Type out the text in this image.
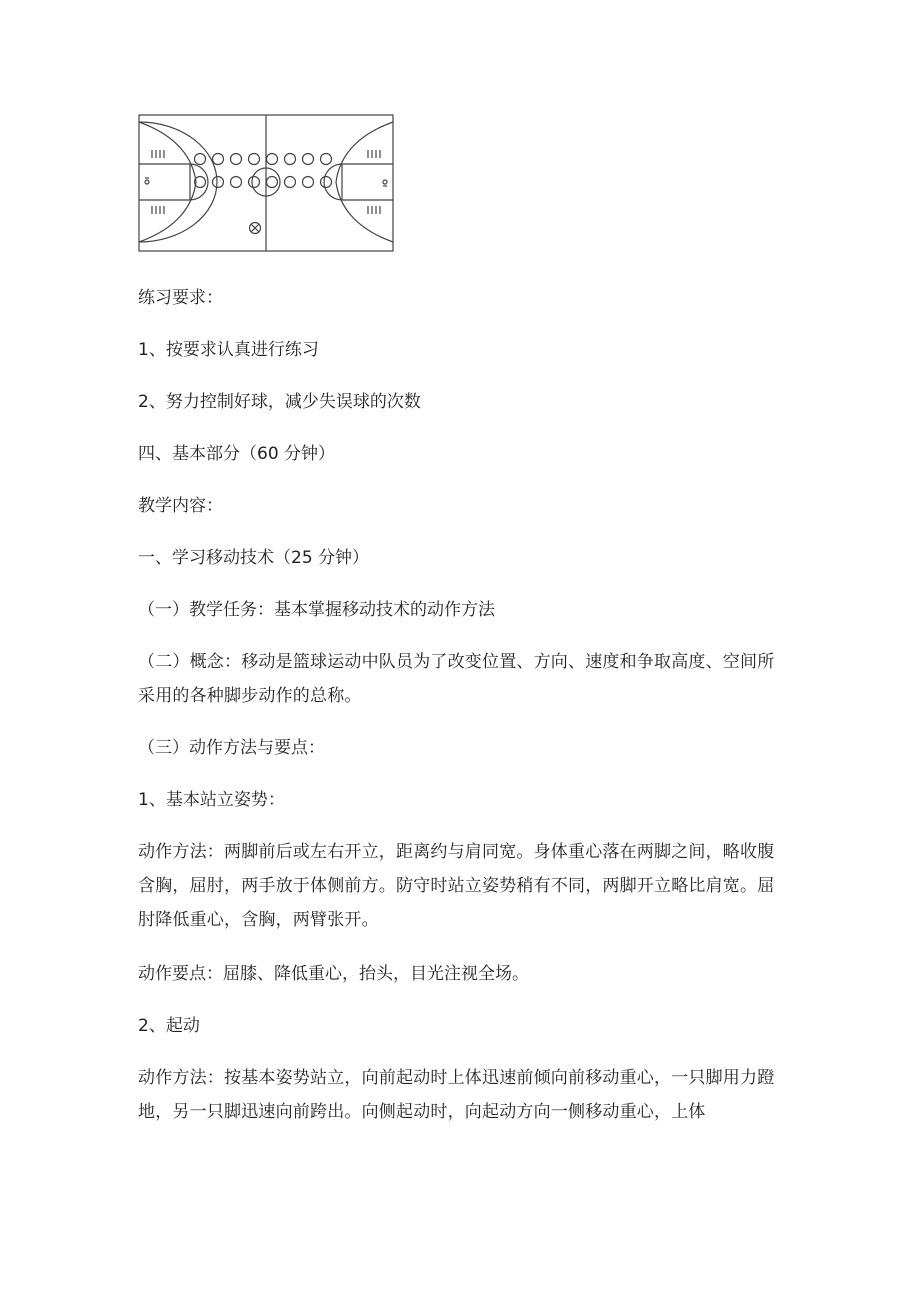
练习要求：
1、按要求认真进行练习
2、努力控制好球，减少失误球的次数
四、基本部分（60 分钟）
教学内容：
一、学习移动技术（25 分钟）
（一）教学任务：基本掌握移动技术的动作方法
（二）概念：移动是篮球运动中队员为了改变位置、方向、速度和争取高度、空间所采用的各种脚步动作的总称。
（三）动作方法与要点：
1、基本站立姿势：
动作方法：两脚前后或左右开立，距离约与肩同宽。身体重心落在两脚之间，略收腹含胸，屈肘，两手放于体侧前方。防守时站立姿势稍有不同，两脚开立略比肩宽。屈肘降低重心，含胸，两臂张开。
动作要点：屈膝、降低重心，抬头，目光注视全场。
2、起动
动作方法：按基本姿势站立，向前起动时上体迅速前倾向前移动重心，一只脚用力蹬地，另一只脚迅速向前跨出。向侧起动时，向起动方向一侧移动重心，上体
